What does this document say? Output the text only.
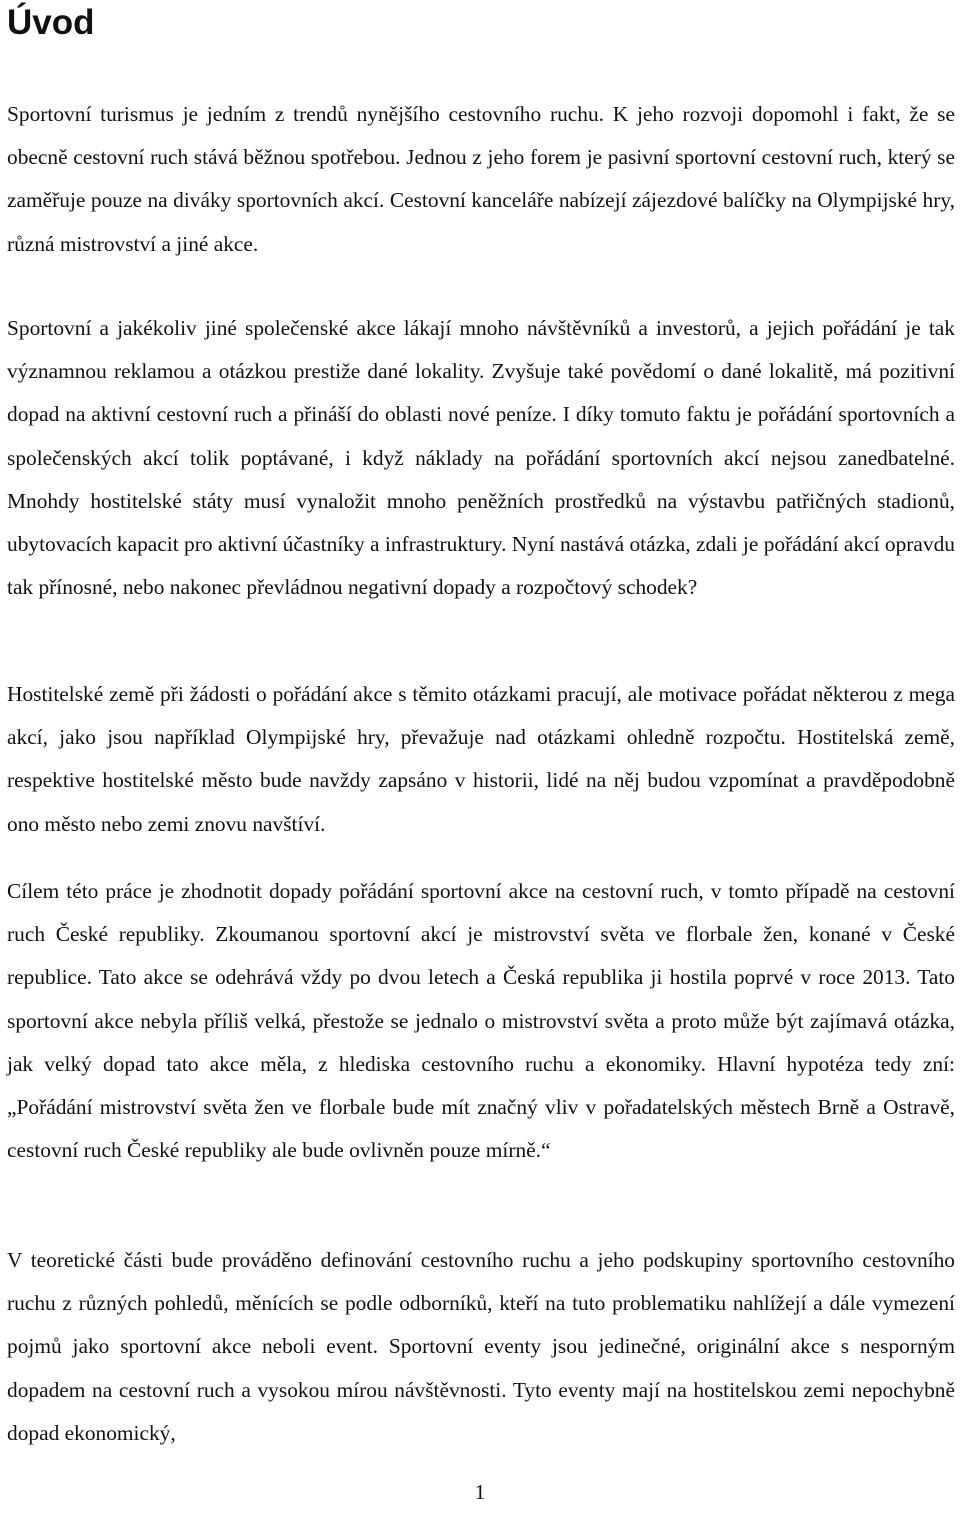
Úvod

Sportovní turismus je jedním z trendů nynějšího cestovního ruchu. K jeho rozvoji dopomohl i fakt, že se obecně cestovní ruch stává běžnou spotřebou. Jednou z jeho forem je pasivní sportovní cestovní ruch, který se zaměřuje pouze na diváky sportovních akcí. Cestovní kanceláře nabízejí zájezdové balíčky na Olympijské hry, různá mistrovství a jiné akce.

Sportovní a jakékoliv jiné společenské akce lákají mnoho návštěvníků a investorů, a jejich pořádání je tak významnou reklamou a otázkou prestiže dané lokality. Zvyšuje také povědomí o dané lokalitě, má pozitivní dopad na aktivní cestovní ruch a přináší do oblasti nové peníze. I díky tomuto faktu je pořádání sportovních a společenských akcí tolik poptávané, i když náklady na pořádání sportovních akcí nejsou zanedbatelné. Mnohdy hostitelské státy musí vynaložit mnoho peněžních prostředků na výstavbu patřičných stadionů, ubytovacích kapacit pro aktivní účastníky a infrastruktury. Nyní nastává otázka, zdali je pořádání akcí opravdu tak přínosné, nebo nakonec převládnou negativní dopady a rozpočtový schodek?

Hostitelské země při žádosti o pořádání akce s těmito otázkami pracují, ale motivace pořádat některou z mega akcí, jako jsou například Olympijské hry, převažuje nad otázkami ohledně rozpočtu. Hostitelská země, respektive hostitelské město bude navždy zapsáno v historii, lidé na něj budou vzpomínat a pravděpodobně ono město nebo zemi znovu navštíví.

Cílem této práce je zhodnotit dopady pořádání sportovní akce na cestovní ruch, v tomto případě na cestovní ruch České republiky. Zkoumanou sportovní akcí je mistrovství světa ve florbale žen, konané v České republice. Tato akce se odehrává vždy po dvou letech a Česká republika ji hostila poprvé v roce 2013. Tato sportovní akce nebyla příliš velká, přestože se jednalo o mistrovství světa a proto může být zajímavá otázka, jak velký dopad tato akce měla, z hlediska cestovního ruchu a ekonomiky. Hlavní hypotéza tedy zní: „Pořádání mistrovství světa žen ve florbale bude mít značný vliv v pořadatelských městech Brně a Ostravě, cestovní ruch České republiky ale bude ovlivněn pouze mírně.“

V teoretické části bude prováděno definování cestovního ruchu a jeho podskupiny sportovního cestovního ruchu z různých pohledů, měnících se podle odborníků, kteří na tuto problematiku nahlížejí a dále vymezení pojmů jako sportovní akce neboli event. Sportovní eventy jsou jedinečné, originální akce s nesporným dopadem na cestovní ruch a vysokou mírou návštěvnosti. Tyto eventy mají na hostitelskou zemi nepochybně dopad ekonomický,

1
